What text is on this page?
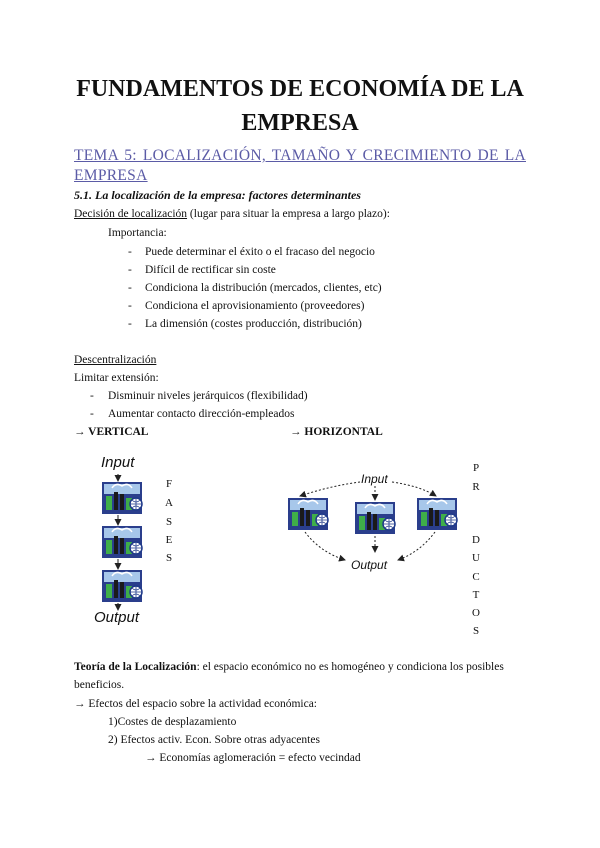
FUNDAMENTOS DE ECONOMÍA DE LA
EMPRESA
TEMA 5: LOCALIZACIÓN, TAMAÑO Y CRECIMIENTO DE LA EMPRESA
5.1. La localización de la empresa: factores determinantes
Decisión de localización (lugar para situar la empresa a largo plazo):
Importancia:
- Puede determinar el éxito o el fracaso del negocio
- Difícil de rectificar sin coste
- Condiciona la distribución (mercados, clientes, etc)
- Condiciona el aprovisionamiento (proveedores)
- La dimensión (costes producción, distribución)
Descentralización
Limitar extensión:
- Disminuir niveles jerárquicos (flexibilidad)
- Aumentar contacto dirección-empleados
→ VERTICAL	→ HORIZONTAL
Input
Output
Input
Output
F
A
S
E
S
P
R
D
U
C
T
O
S
Teoría de la Localización: el espacio económico no es homogéneo y condiciona los posibles
beneficios.
→ Efectos del espacio sobre la actividad económica:
1)Costes de desplazamiento
2) Efectos activ. Econ. Sobre otras adyacentes
→ Economías aglomeración = efecto vecindad
